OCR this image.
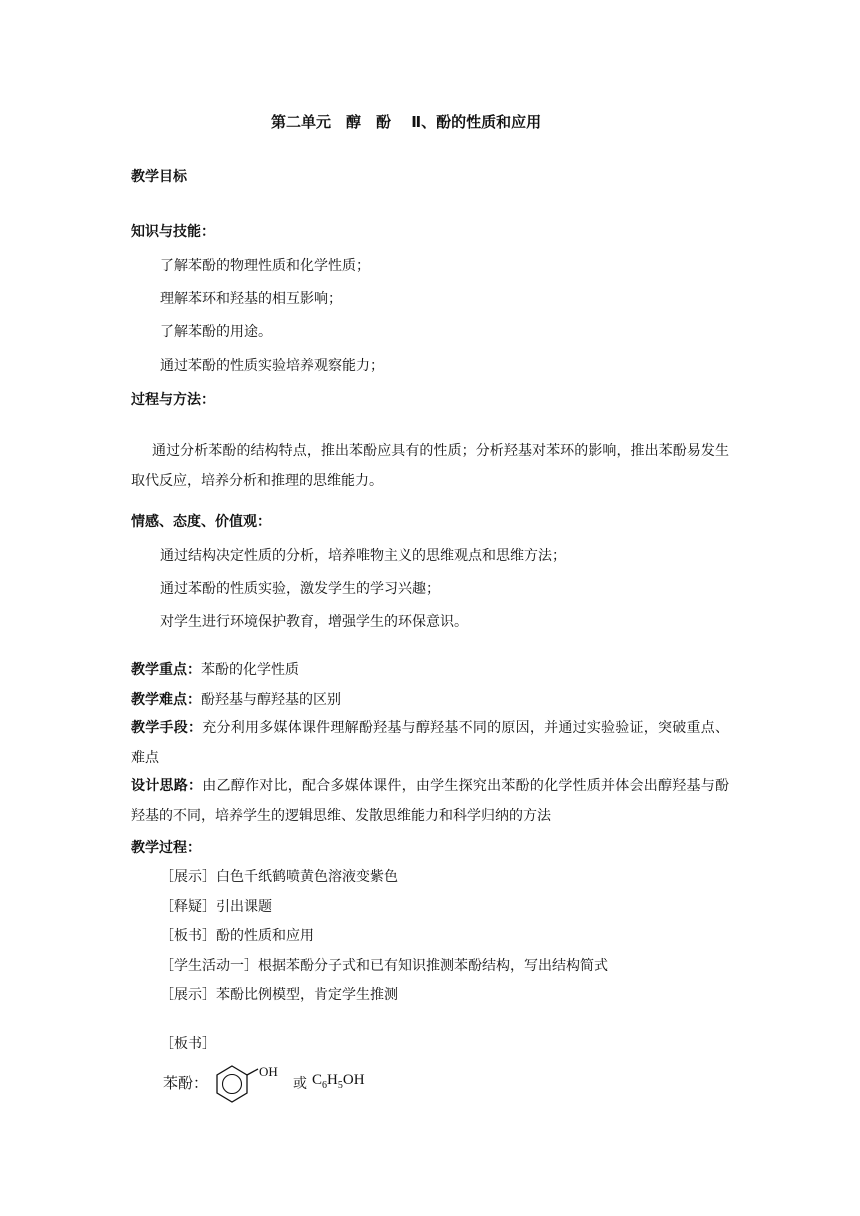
第二单元　醇　酚　 Ⅱ、酚的性质和应用
教学目标
知识与技能：
了解苯酚的物理性质和化学性质；
理解苯环和羟基的相互影响；
了解苯酚的用途。
通过苯酚的性质实验培养观察能力；
过程与方法：
通过分析苯酚的结构特点，推出苯酚应具有的性质；分析羟基对苯环的影响，推出苯酚易发生取代反应，培养分析和推理的思维能力。
情感、态度、价值观：
通过结构决定性质的分析，培养唯物主义的思维观点和思维方法；
通过苯酚的性质实验，激发学生的学习兴趣；
对学生进行环境保护教育，增强学生的环保意识。
教学重点：苯酚的化学性质
教学难点：酚羟基与醇羟基的区别
教学手段：充分利用多媒体课件理解酚羟基与醇羟基不同的原因，并通过实验验证，突破重点、难点
设计思路：由乙醇作对比，配合多媒体课件，由学生探究出苯酚的化学性质并体会出醇羟基与酚羟基的不同，培养学生的逻辑思维、发散思维能力和科学归纳的方法
教学过程：
［展示］白色千纸鹤喷黄色溶液变紫色
［释疑］引出课题
［板书］酚的性质和应用
［学生活动一］根据苯酚分子式和已有知识推测苯酚结构，写出结构简式
［展示］苯酚比例模型，肯定学生推测
［板书］
苯酚：
OH
或 $C_6H_5OH$
